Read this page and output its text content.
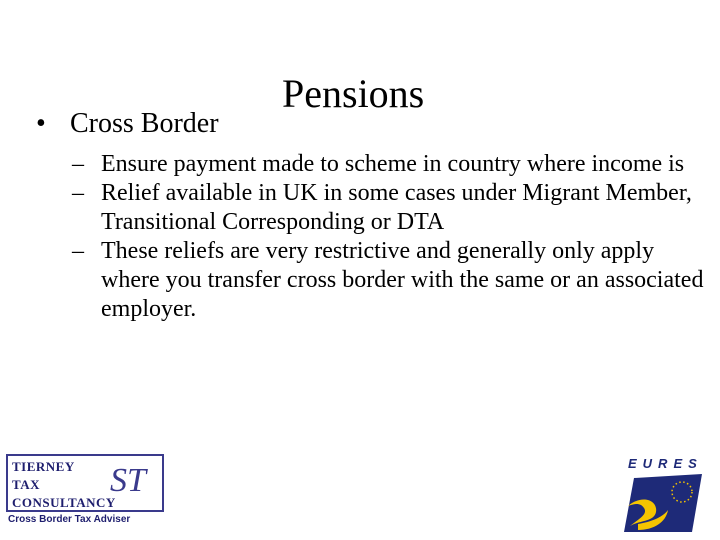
Pensions
• Cross Border
– Ensure payment made to scheme in country where income is
– Relief available in UK in some cases under Migrant Member, Transitional Corresponding or DTA
– These reliefs are very restrictive and generally only apply where you transfer cross border with the same or an associated employer.
TIERNEY
TAX
CONSULTANCY
ST
Cross Border Tax Adviser
EURES
